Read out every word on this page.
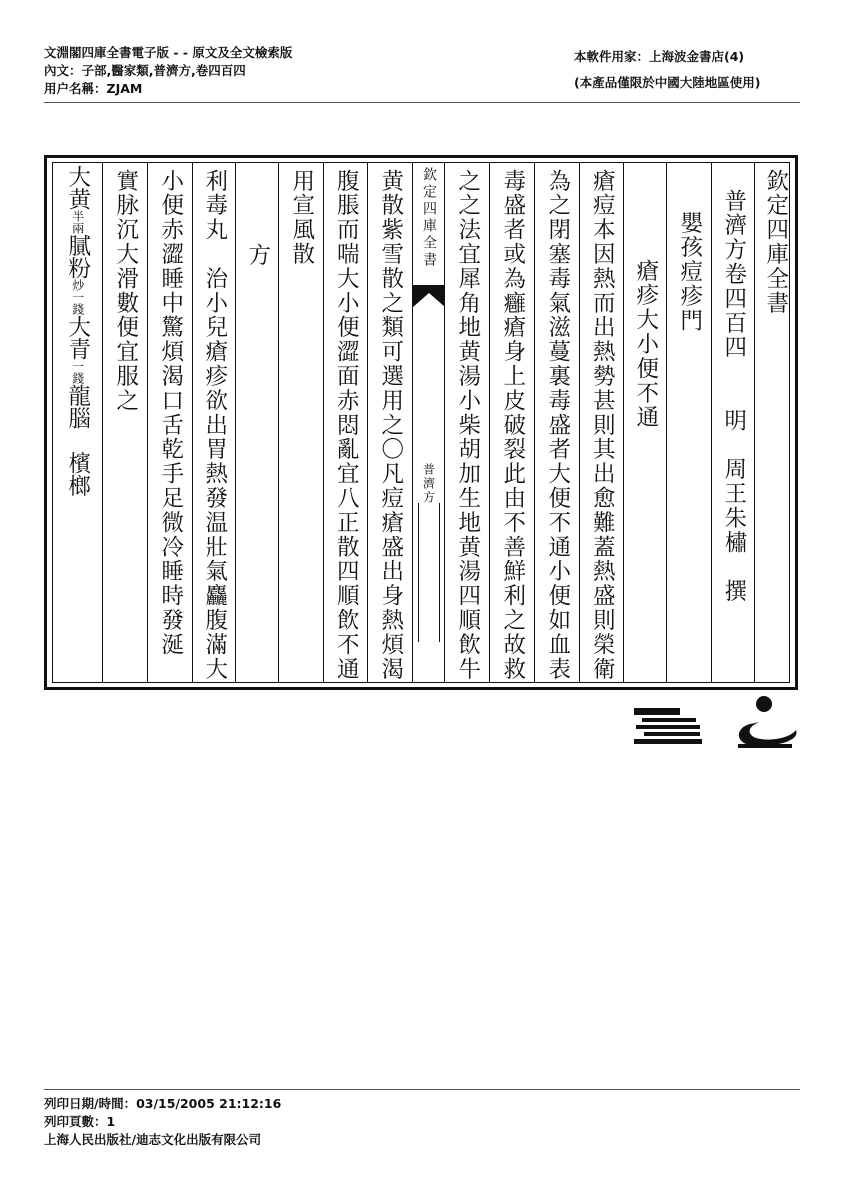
文淵閣四庫全書電子版 - - 原文及全文檢索版
內文：子部,醫家類,普濟方,卷四百四
用户名稱：ZJAM
本軟件用家：上海波金書店(4)
(本產品僅限於中國大陸地區使用)
大黄半兩膩粉炒一錢大青一錢龍腦 檳榔
實脉沉大滑數便宜服之 小便赤澀睡中驚煩渴口舌乾手足微冷睡時發涎 利毒丸　治小兒瘡疹欲出胃熱發温壯氣麤腹滿大 方 用宣風散 腹脹而喘大小便澀面赤悶亂宜八正散四順飲不通 黄散紫雪散之類可選用之〇凡痘瘡盛出身熱煩渴 欽定四庫全書
普濟方 之之法宜犀角地黄湯小柴胡加生地黄湯四順飲牛 毒盛者或為癰瘡身上皮破裂此由不善鮮利之故救 為之閉塞毒氣滋蔓裏毒盛者大便不通小便如血表 瘡痘本因熱而出熱勢甚則其出愈難蓋熱盛則榮衛 瘡疹大小便不通 嬰孩痘疹門 普濟方卷四百四　　明　周王朱橚　撰 欽定四庫全書
列印日期/時間：03/15/2005 21:12:16
列印頁數：1
上海人民出版社/迪志文化出版有限公司
